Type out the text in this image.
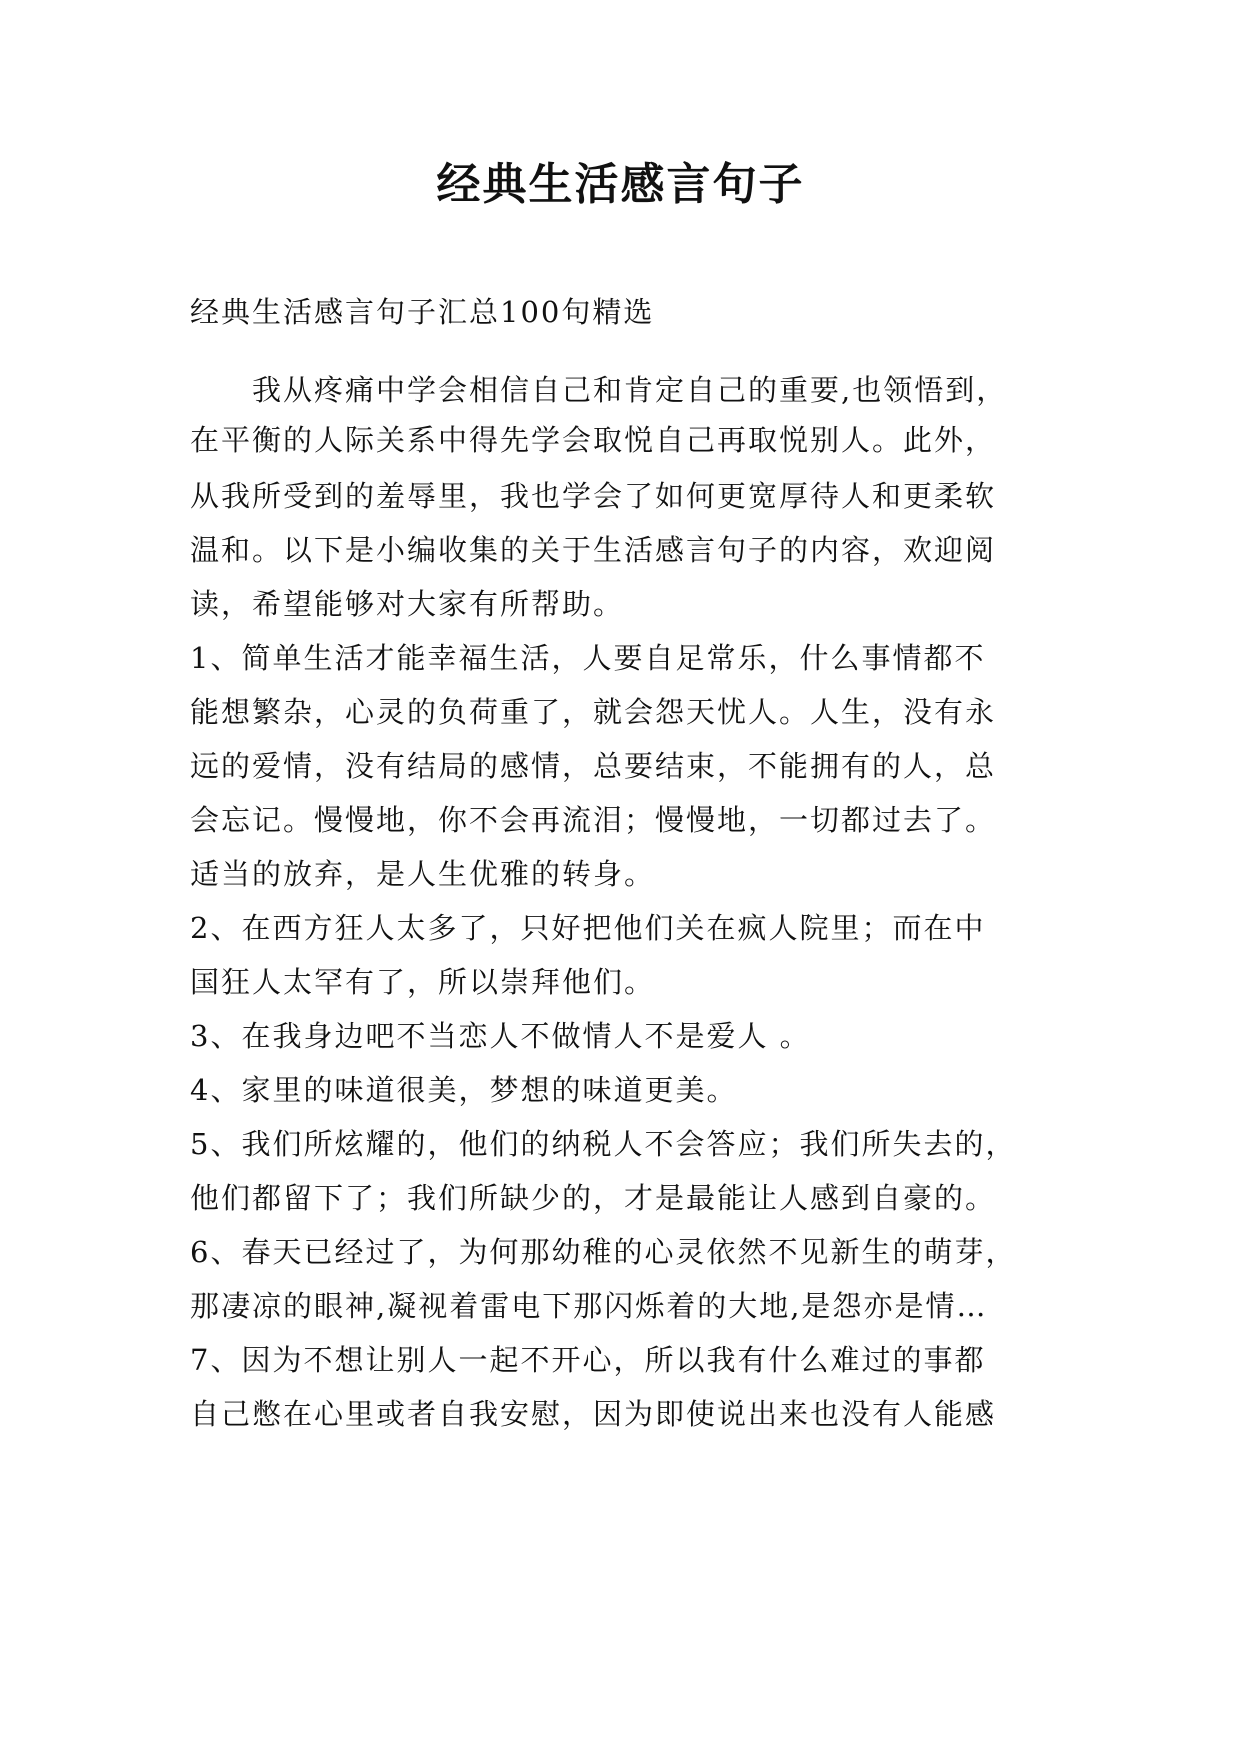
经典生活感言句子
经典生活感言句子汇总100句精选
　　我从疼痛中学会相信自己和肯定自己的重要,也领悟到，
在平衡的人际关系中得先学会取悦自己再取悦别人。此外，
从我所受到的羞辱里，我也学会了如何更宽厚待人和更柔软
温和。以下是小编收集的关于生活感言句子的内容，欢迎阅
读，希望能够对大家有所帮助。
1、简单生活才能幸福生活，人要自足常乐，什么事情都不
能想繁杂，心灵的负荷重了，就会怨天忧人。人生，没有永
远的爱情，没有结局的感情，总要结束，不能拥有的人，总
会忘记。慢慢地，你不会再流泪；慢慢地，一切都过去了。
适当的放弃，是人生优雅的转身。
2、在西方狂人太多了，只好把他们关在疯人院里；而在中
国狂人太罕有了，所以崇拜他们。
3、在我身边吧不当恋人不做情人不是爱人 。
4、家里的味道很美，梦想的味道更美。
5、我们所炫耀的，他们的纳税人不会答应；我们所失去的，
他们都留下了；我们所缺少的，才是最能让人感到自豪的。
6、春天已经过了，为何那幼稚的心灵依然不见新生的萌芽，
那凄凉的眼神,凝视着雷电下那闪烁着的大地,是怨亦是情…
7、因为不想让别人一起不开心，所以我有什么难过的事都
自己憋在心里或者自我安慰，因为即使说出来也没有人能感
